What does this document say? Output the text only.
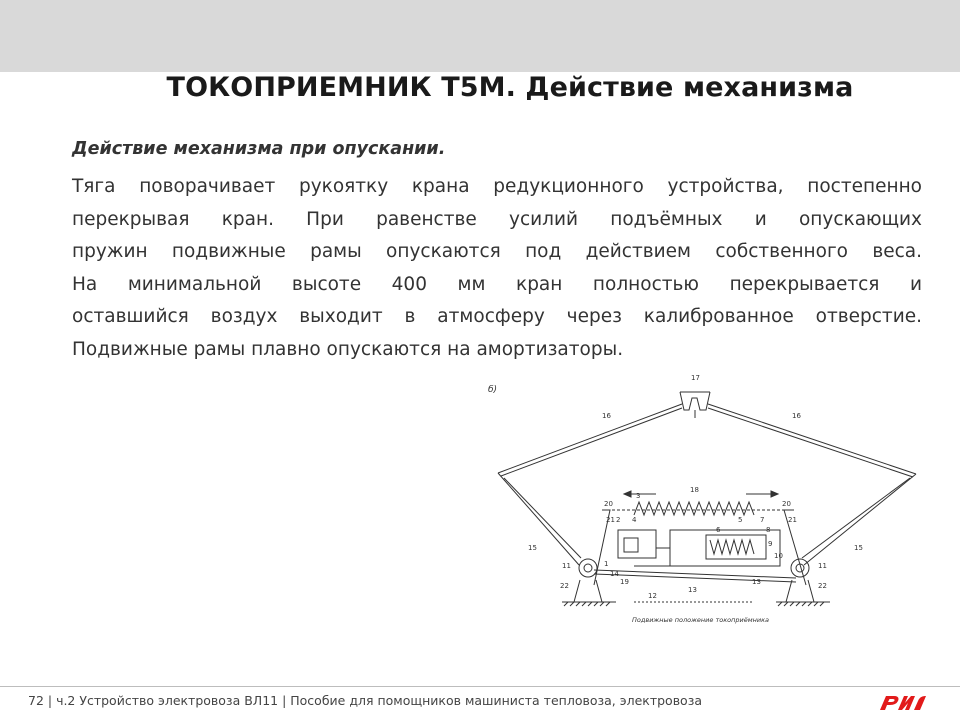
ТОКОПРИЕМНИК Т5М. Действие механизма
Действие механизма при опускании.
Тяга поворачивает рукоятку крана редукционного устройства, постепенно
перекрывая кран. При равенстве усилий подъёмных и опускающих
пружин подвижные рамы опускаются под действием собственного веса.
На минимальной высоте 400 мм кран полностью перекрывается и
оставшийся воздух выходит в атмосферу через калиброванное отверстие.
Подвижные рамы плавно опускаются на амортизаторы.
б)
17
16	16
18
3
20	20
2 4
6
5	7
8
9
10
21	21
15	15
11	11
1
14
22	22
19
13
13
12
Подвижные положение токоприёмника
72 | ч.2 Устройство электровоза ВЛ11 | Пособие для помощников машиниста тепловоза, электровоза
